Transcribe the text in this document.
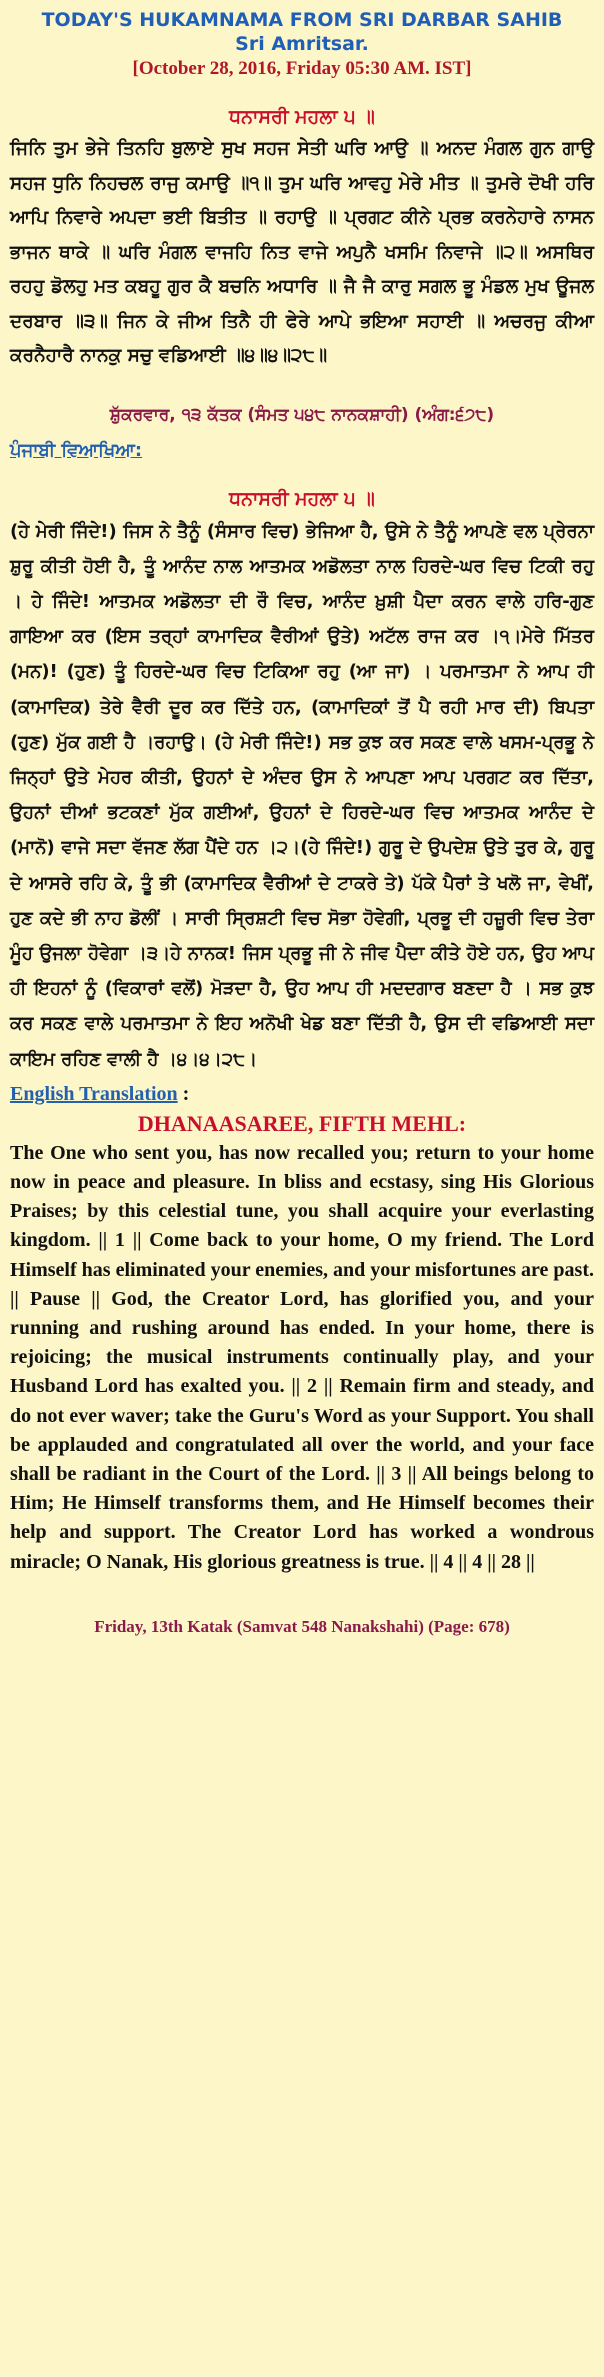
TODAY'S HUKAMNAMA FROM SRI DARBAR SAHIB
Sri Amritsar.
[October 28, 2016, Friday 05:30 AM. IST]
ਧਨਾਸਰੀ ਮਹਲਾ ੫ ॥
ਜਿਨਿ ਤੁਮ ਭੇਜੇ ਤਿਨਹਿ ਬੁਲਾਏ ਸੁਖ ਸਹਜ ਸੇਤੀ ਘਰਿ ਆਉ ॥ ਅਨਦ ਮੰਗਲ ਗੁਨ ਗਾਉ ਸਹਜ ਧੁਨਿ ਨਿਹਚਲ ਰਾਜੁ ਕਮਾਉ ॥੧॥ ਤੁਮ ਘਰਿ ਆਵਹੁ ਮੇਰੇ ਮੀਤ ॥ ਤੁਮਰੇ ਦੋਖੀ ਹਰਿ ਆਪਿ ਨਿਵਾਰੇ ਅਪਦਾ ਭਈ ਬਿਤੀਤ ॥ ਰਹਾਉ ॥ ਪ੍ਰਗਟ ਕੀਨੇ ਪ੍ਰਭ ਕਰਨੇਹਾਰੇ ਨਾਸਨ ਭਾਜਨ ਥਾਕੇ ॥ ਘਰਿ ਮੰਗਲ ਵਾਜਹਿ ਨਿਤ ਵਾਜੇ ਅਪੁਨੈ ਖਸਮਿ ਨਿਵਾਜੇ ॥੨॥ ਅਸਥਿਰ ਰਹਹੁ ਡੋਲਹੁ ਮਤ ਕਬਹੂ ਗੁਰ ਕੈ ਬਚਨਿ ਅਧਾਰਿ ॥ ਜੈ ਜੈ ਕਾਰੁ ਸਗਲ ਭੂ ਮੰਡਲ ਮੁਖ ਊਜਲ ਦਰਬਾਰ ॥੩॥ ਜਿਨ ਕੇ ਜੀਅ ਤਿਨੈ ਹੀ ਫੇਰੇ ਆਪੇ ਭਇਆ ਸਹਾਈ ॥ ਅਚਰਜੁ ਕੀਆ ਕਰਨੈਹਾਰੈ ਨਾਨਕੁ ਸਚੁ ਵਡਿਆਈ ॥੪॥੪॥੨੮॥
ਸ਼ੁੱਕਰਵਾਰ, ੧੩ ਕੱਤਕ (ਸੰਮਤ ੫੪੮ ਨਾਨਕਸ਼ਾਹੀ) (ਅੰਗ:੬੭੮)
ਪੰਜਾਬੀ ਵਿਆਖਿਆ:
ਧਨਾਸਰੀ ਮਹਲਾ ੫ ॥
(ਹੇ ਮੇਰੀ ਜਿੰਦੇ!) ਜਿਸ ਨੇ ਤੈਨੂੰ (ਸੰਸਾਰ ਵਿਚ) ਭੇਜਿਆ ਹੈ, ਉਸੇ ਨੇ ਤੈਨੂੰ ਆਪਣੇ ਵਲ ਪ੍ਰੇਰਨਾ ਸ਼ੁਰੂ ਕੀਤੀ ਹੋਈ ਹੈ, ਤੂੰ ਆਨੰਦ ਨਾਲ ਆਤਮਕ ਅਡੋਲਤਾ ਨਾਲ ਹਿਰਦੇ-ਘਰ ਵਿਚ ਟਿਕੀ ਰਹੁ । ਹੇ ਜਿੰਦੇ! ਆਤਮਕ ਅਡੋਲਤਾ ਦੀ ਰੌ ਵਿਚ, ਆਨੰਦ ਖ਼ੁਸ਼ੀ ਪੈਦਾ ਕਰਨ ਵਾਲੇ ਹਰਿ-ਗੁਣ ਗਾਇਆ ਕਰ (ਇਸ ਤਰ੍ਹਾਂ ਕਾਮਾਦਿਕ ਵੈਰੀਆਂ ਉਤੇ) ਅਟੱਲ ਰਾਜ ਕਰ ।੧।ਮੇਰੇ ਮਿੱਤਰ (ਮਨ)! (ਹੁਣ) ਤੂੰ ਹਿਰਦੇ-ਘਰ ਵਿਚ ਟਿਕਿਆ ਰਹੁ (ਆ ਜਾ) । ਪਰਮਾਤਮਾ ਨੇ ਆਪ ਹੀ (ਕਾਮਾਦਿਕ) ਤੇਰੇ ਵੈਰੀ ਦੂਰ ਕਰ ਦਿੱਤੇ ਹਨ, (ਕਾਮਾਦਿਕਾਂ ਤੋਂ ਪੈ ਰਹੀ ਮਾਰ ਦੀ) ਬਿਪਤਾ (ਹੁਣ) ਮੁੱਕ ਗਈ ਹੈ ।ਰਹਾਉ। (ਹੇ ਮੇਰੀ ਜਿੰਦੇ!) ਸਭ ਕੁਝ ਕਰ ਸਕਣ ਵਾਲੇ ਖਸਮ-ਪ੍ਰਭੂ ਨੇ ਜਿਨ੍ਹਾਂ ਉਤੇ ਮੇਹਰ ਕੀਤੀ, ਉਹਨਾਂ ਦੇ ਅੰਦਰ ਉਸ ਨੇ ਆਪਣਾ ਆਪ ਪਰਗਟ ਕਰ ਦਿੱਤਾ, ਉਹਨਾਂ ਦੀਆਂ ਭਟਕਣਾਂ ਮੁੱਕ ਗਈਆਂ, ਉਹਨਾਂ ਦੇ ਹਿਰਦੇ-ਘਰ ਵਿਚ ਆਤਮਕ ਆਨੰਦ ਦੇ (ਮਾਨੋ) ਵਾਜੇ ਸਦਾ ਵੱਜਣ ਲੱਗ ਪੈਂਦੇ ਹਨ ।੨।(ਹੇ ਜਿੰਦੇ!) ਗੁਰੂ ਦੇ ਉਪਦੇਸ਼ ਉਤੇ ਤੁਰ ਕੇ, ਗੁਰੂ ਦੇ ਆਸਰੇ ਰਹਿ ਕੇ, ਤੂੰ ਭੀ (ਕਾਮਾਦਿਕ ਵੈਰੀਆਂ ਦੇ ਟਾਕਰੇ ਤੇ) ਪੱਕੇ ਪੈਰਾਂ ਤੇ ਖਲੋ ਜਾ, ਵੇਖੀਂ, ਹੁਣ ਕਦੇ ਭੀ ਨਾਹ ਡੋਲੀਂ । ਸਾਰੀ ਸ੍ਰਿਸ਼ਟੀ ਵਿਚ ਸੋਭਾ ਹੋਵੇਗੀ, ਪ੍ਰਭੂ ਦੀ ਹਜ਼ੂਰੀ ਵਿਚ ਤੇਰਾ ਮੂੰਹ ਉਜਲਾ ਹੋਵੇਗਾ ।੩।ਹੇ ਨਾਨਕ! ਜਿਸ ਪ੍ਰਭੂ ਜੀ ਨੇ ਜੀਵ ਪੈਦਾ ਕੀਤੇ ਹੋਏ ਹਨ, ਉਹ ਆਪ ਹੀ ਇਹਨਾਂ ਨੂੰ (ਵਿਕਾਰਾਂ ਵਲੋਂ) ਮੋੜਦਾ ਹੈ, ਉਹ ਆਪ ਹੀ ਮਦਦਗਾਰ ਬਣਦਾ ਹੈ । ਸਭ ਕੁਝ ਕਰ ਸਕਣ ਵਾਲੇ ਪਰਮਾਤਮਾ ਨੇ ਇਹ ਅਨੋਖੀ ਖੇਡ ਬਣਾ ਦਿੱਤੀ ਹੈ, ਉਸ ਦੀ ਵਡਿਆਈ ਸਦਾ ਕਾਇਮ ਰਹਿਣ ਵਾਲੀ ਹੈ ।੪।੪।੨੮।
English Translation :
DHANAASAREE, FIFTH MEHL:
The One who sent you, has now recalled you; return to your home now in peace and pleasure. In bliss and ecstasy, sing His Glorious Praises; by this celestial tune, you shall acquire your everlasting kingdom. || 1 || Come back to your home, O my friend. The Lord Himself has eliminated your enemies, and your misfortunes are past. || Pause || God, the Creator Lord, has glorified you, and your running and rushing around has ended. In your home, there is rejoicing; the musical instruments continually play, and your Husband Lord has exalted you. || 2 || Remain firm and steady, and do not ever waver; take the Guru's Word as your Support. You shall be applauded and congratulated all over the world, and your face shall be radiant in the Court of the Lord. || 3 || All beings belong to Him; He Himself transforms them, and He Himself becomes their help and support. The Creator Lord has worked a wondrous miracle; O Nanak, His glorious greatness is true. || 4 || 4 || 28 ||
Friday, 13th Katak (Samvat 548 Nanakshahi) (Page: 678)
